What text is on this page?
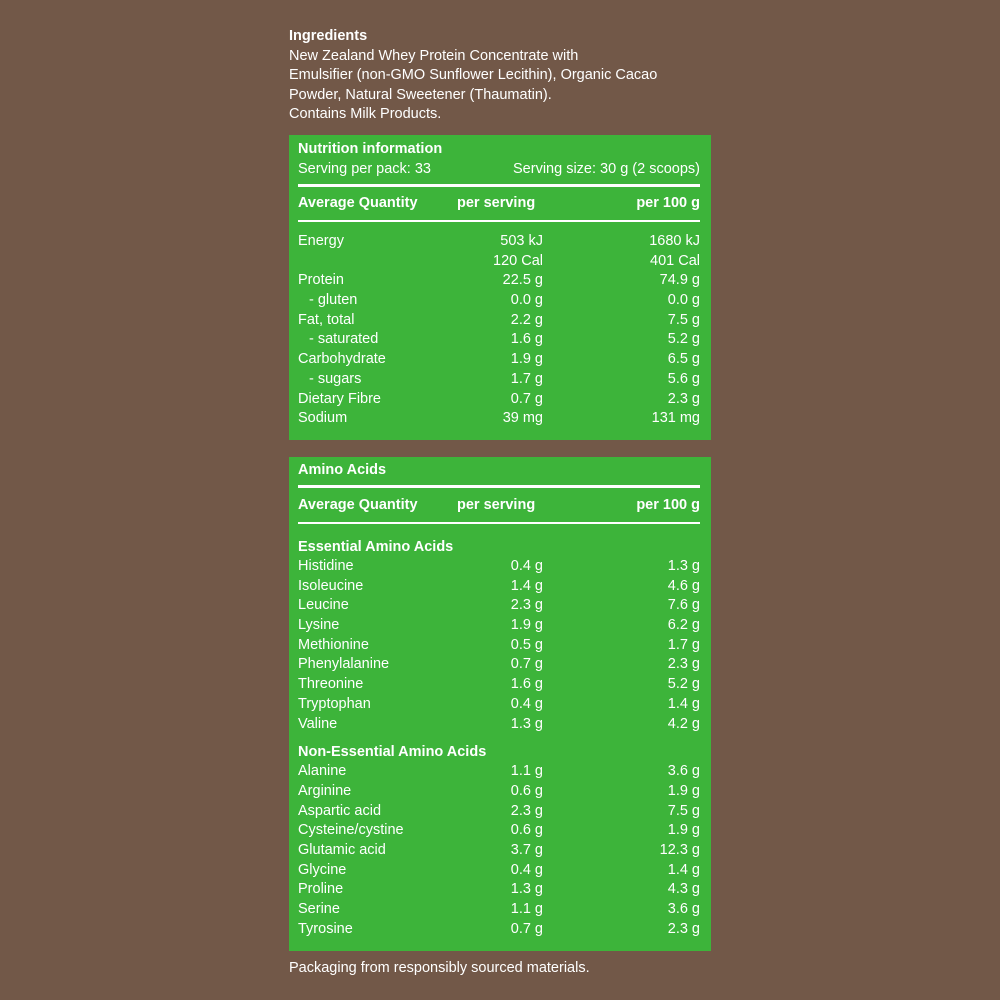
Ingredients

New Zealand Whey Protein Concentrate with

Emulsifier (non-GMO Sunflower Lecithin), Organic Cacao

Powder, Natural Sweetener (Thaumatin).

Contains Milk Products.

Nutrition information
Serving per pack: 33	Serving size: 30 g (2 scoops)
Average Quantity	per serving	per 100 g
Energy	503 kJ	1680 kJ
120 Cal	401 Cal
Protein	22.5 g	74.9 g
- gluten	0.0 g	0.0 g
Fat, total	2.2 g	7.5 g
- saturated	1.6 g	5.2 g
Carbohydrate	1.9 g	6.5 g
- sugars	1.7 g	5.6 g
Dietary Fibre	0.7 g	2.3 g
Sodium	39 mg	131 mg
Amino Acids
Average Quantity	per serving	per 100 g
Essential Amino Acids
Histidine	0.4 g	1.3 g
Isoleucine	1.4 g	4.6 g
Leucine	2.3 g	7.6 g
Lysine	1.9 g	6.2 g
Methionine	0.5 g	1.7 g
Phenylalanine	0.7 g	2.3 g
Threonine	1.6 g	5.2 g
Tryptophan	0.4 g	1.4 g
Valine	1.3 g	4.2 g
Non-Essential Amino Acids
Alanine	1.1 g	3.6 g
Arginine	0.6 g	1.9 g
Aspartic acid	2.3 g	7.5 g
Cysteine/cystine	0.6 g	1.9 g
Glutamic acid	3.7 g	12.3 g
Glycine	0.4 g	1.4 g
Proline	1.3 g	4.3 g
Serine	1.1 g	3.6 g
Tyrosine	0.7 g	2.3 g
Packaging from responsibly sourced materials.
